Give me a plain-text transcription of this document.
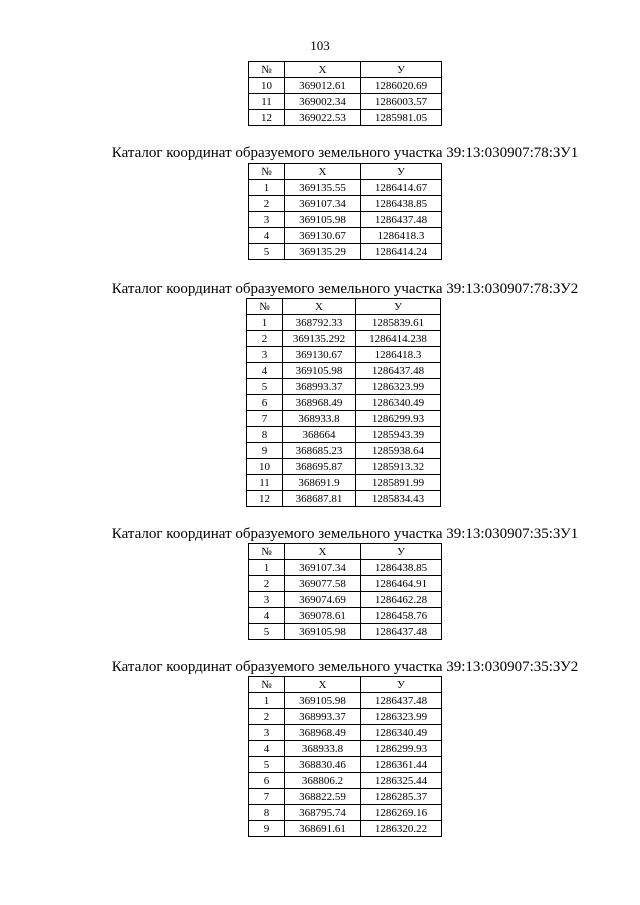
103
№	X	У
10	369012.61	1286020.69
11	369002.34	1286003.57
12	369022.53	1285981.05
Каталог координат образуемого земельного участка 39:13:030907:78:ЗУ1
№	X	У
1	369135.55	1286414.67
2	369107.34	1286438.85
3	369105.98	1286437.48
4	369130.67	1286418.3
5	369135.29	1286414.24
Каталог координат образуемого земельного участка 39:13:030907:78:ЗУ2
№	X	У
1	368792.33	1285839.61
2	369135.292	1286414.238
3	369130.67	1286418.3
4	369105.98	1286437.48
5	368993.37	1286323.99
6	368968.49	1286340.49
7	368933.8	1286299.93
8	368664	1285943.39
9	368685.23	1285938.64
10	368695.87	1285913.32
11	368691.9	1285891.99
12	368687.81	1285834.43
Каталог координат образуемого земельного участка 39:13:030907:35:ЗУ1
№	X	У
1	369107.34	1286438.85
2	369077.58	1286464.91
3	369074.69	1286462.28
4	369078.61	1286458.76
5	369105.98	1286437.48
Каталог координат образуемого земельного участка 39:13:030907:35:ЗУ2
№	X	У
1	369105.98	1286437.48
2	368993.37	1286323.99
3	368968.49	1286340.49
4	368933.8	1286299.93
5	368830.46	1286361.44
6	368806.2	1286325.44
7	368822.59	1286285.37
8	368795.74	1286269.16
9	368691.61	1286320.22
